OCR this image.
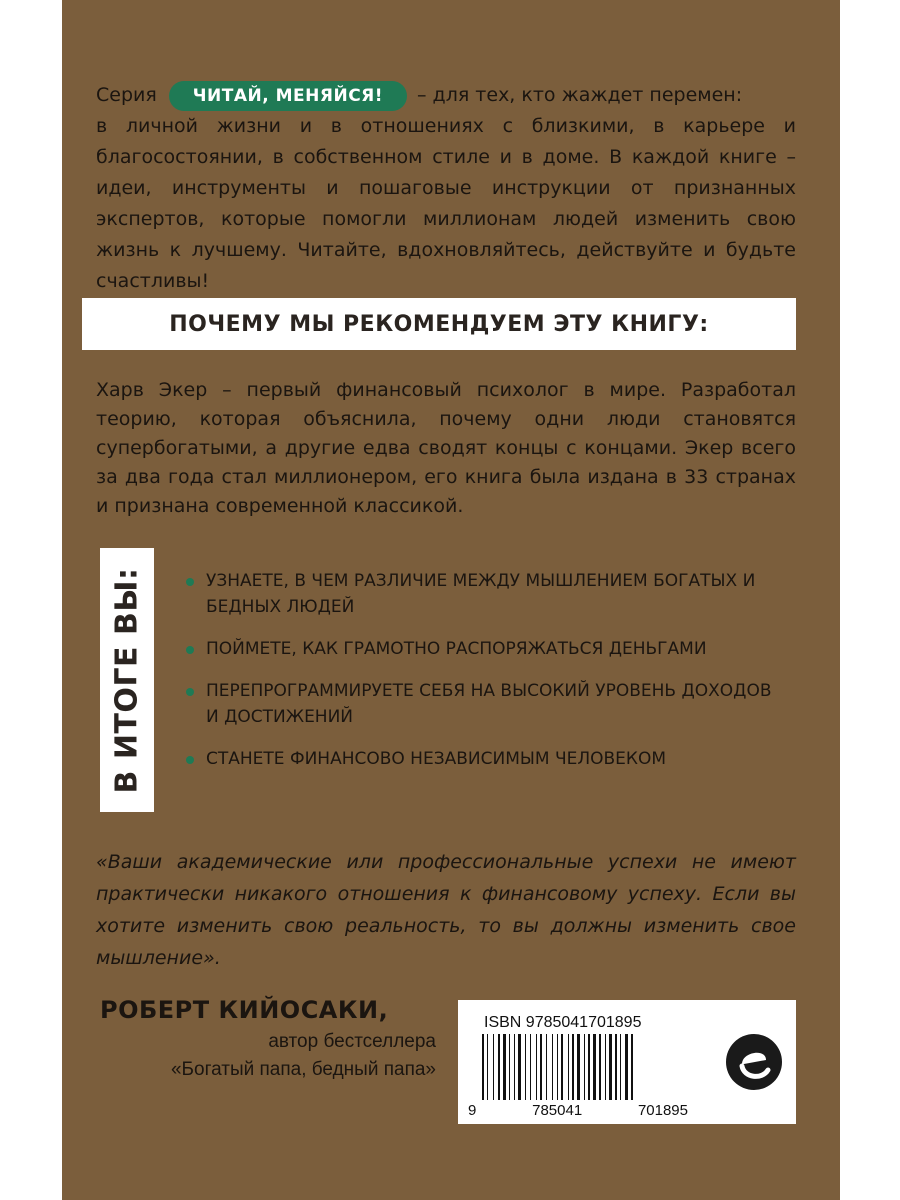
Серия	ЧИТАЙ, МЕНЯЙСЯ!	– для тех, кто жаждет перемен:
в личной жизни и в отношениях с близкими, в карьере и благосостоянии, в собственном стиле и в доме. В каждой книге – идеи, инструменты и пошаговые инструкции от признанных экспертов, которые помогли миллионам людей изменить свою жизнь к лучшему. Читайте, вдохновляйтесь, действуйте и будьте счастливы!
ПОЧЕМУ МЫ РЕКОМЕНДУЕМ ЭТУ КНИГУ:
Харв Экер – первый финансовый психолог в мире. Разработал теорию, которая объяснила, почему одни люди становятся супербогатыми, а другие едва сводят концы с концами. Экер всего за два года стал миллионером, его книга была издана в 33 странах и признана современной классикой.
В ИТОГЕ ВЫ:	УЗНАЕТЕ, В ЧЕМ РАЗЛИЧИЕ МЕЖДУ МЫШЛЕНИЕМ БОГАТЫХ И БЕДНЫХ ЛЮДЕЙ
ПОЙМЕТЕ, КАК ГРАМОТНО РАСПОРЯЖАТЬСЯ ДЕНЬГАМИ
ПЕРЕПРОГРАММИРУЕТЕ СЕБЯ НА ВЫСОКИЙ УРОВЕНЬ ДОХОДОВ И ДОСТИЖЕНИЙ
СТАНЕТЕ ФИНАНСОВО НЕЗАВИСИМЫМ ЧЕЛОВЕКОМ
«Ваши академические или профессиональные успехи не имеют практически никакого отношения к финансовому успеху. Если вы хотите изменить свою реальность, то вы должны изменить свое мышление».
РОБЕРТ КИЙОСАКИ,
автор бестселлера
«Богатый папа, бедный папа»
ISBN 9785041701895
9	785041	701895
